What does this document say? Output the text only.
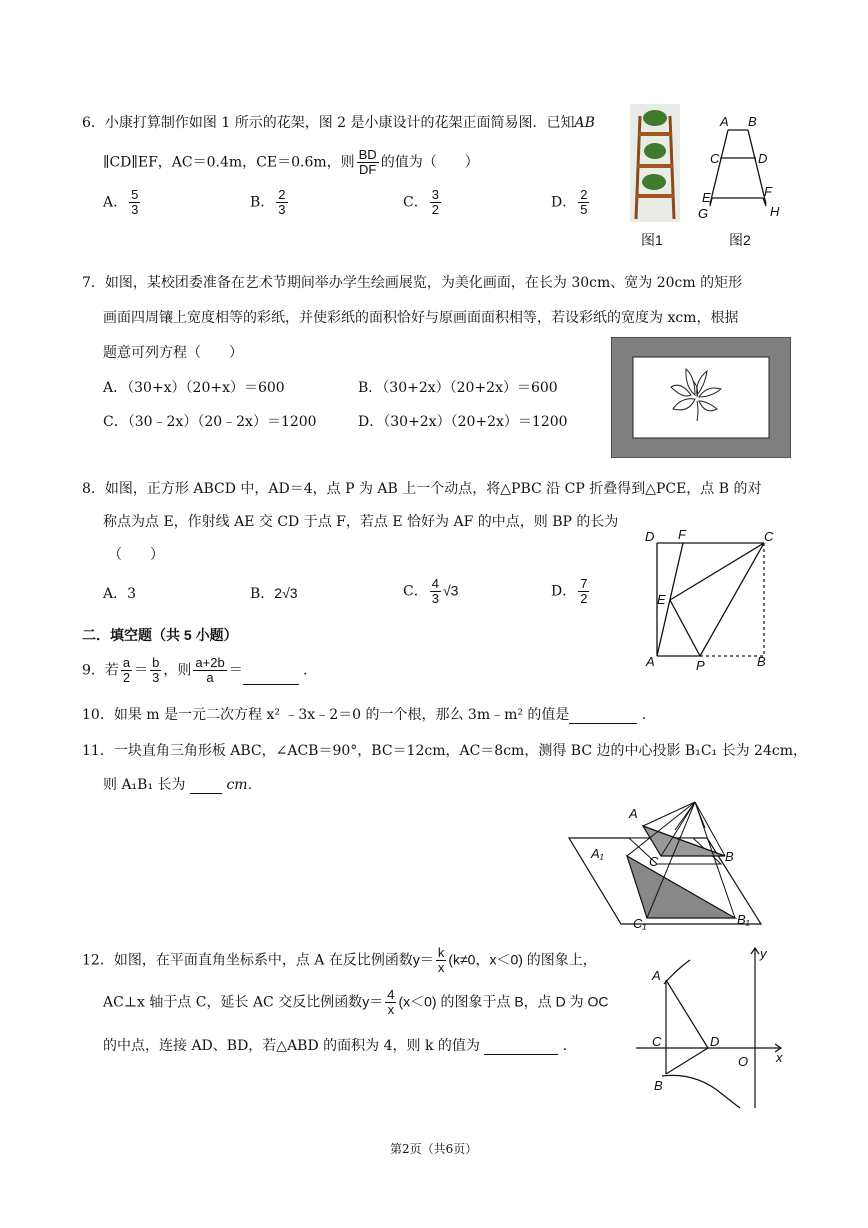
6．小康打算制作如图 1 所示的花架，图 2 是小康设计的花架正面简易图．已知AB
∥CD∥EF，AC＝0.4m，CE＝0.6m，则 $\frac{BD}{DF}$ 的值为（　　）
A． $\frac{5}{3}$	B． $\frac{2}{3}$	C． $\frac{3}{2}$	D． $\frac{2}{5}$
图1
A B
C	D
E	F
G	H
图2
7．如图，某校团委准备在艺术节期间举办学生绘画展览，为美化画面，在长为 30cm、宽为 20cm 的矩形
画面四周镶上宽度相等的彩纸，并使彩纸的面积恰好与原画面面积相等，若设彩纸的宽度为 xcm，根据
题意可列方程（　　）
A．（30+x）（20+x）＝600	B．（30+2x）（20+2x）＝600
C．（30﹣2x）（20﹣2x）＝1200	D．（30+2x）（20+2x）＝1200
8．如图，正方形 ABCD 中，AD＝4，点 P 为 AB 上一个动点，将△PBC 沿 CP 折叠得到△PCE，点 B 的对
称点为点 E，作射线 AE 交 CD 于点 F，若点 E 恰好为 AF 的中点，则 BP 的长为
（　　）
A．3	B．2√3	C． $\frac{4}{3} √3$	D． $\frac{7}{2}$
D F	C
E
A	P	B
二．填空题（共 5 小题）
9．若 $\frac{a}{2} = \frac{b}{3}$ ，则 $\frac{a+2b}{a}$ ＝	．
10．如果 m 是一元二次方程 x² ﹣3x﹣2＝0 的一个根，那么 3m﹣m² 的值是	．
11．一块直角三角形板 ABC，∠ACB＝90°，BC＝12cm，AC＝8cm，测得 BC 边的中心投影 B₁C₁ 长为 24cm，
则 A₁B₁ 长为	cm．
A
B
C
A₁
B₁
C₁
12．如图，在平面直角坐标系中，点 A 在反比例函数$y= \frac{k}{x} (k\ne 0$，x＜0) 的图象上，
AC⊥x 轴于点 C，延长 AC 交反比例函数$y= \frac{4}{x} (x<0)$ 的图象于点 B，点 D 为 OC
的中点，连接 AD、BD，若△ABD 的面积为 4，则 k 的值为	．
A
C	D
B
O x
y
第2页（共6页）
